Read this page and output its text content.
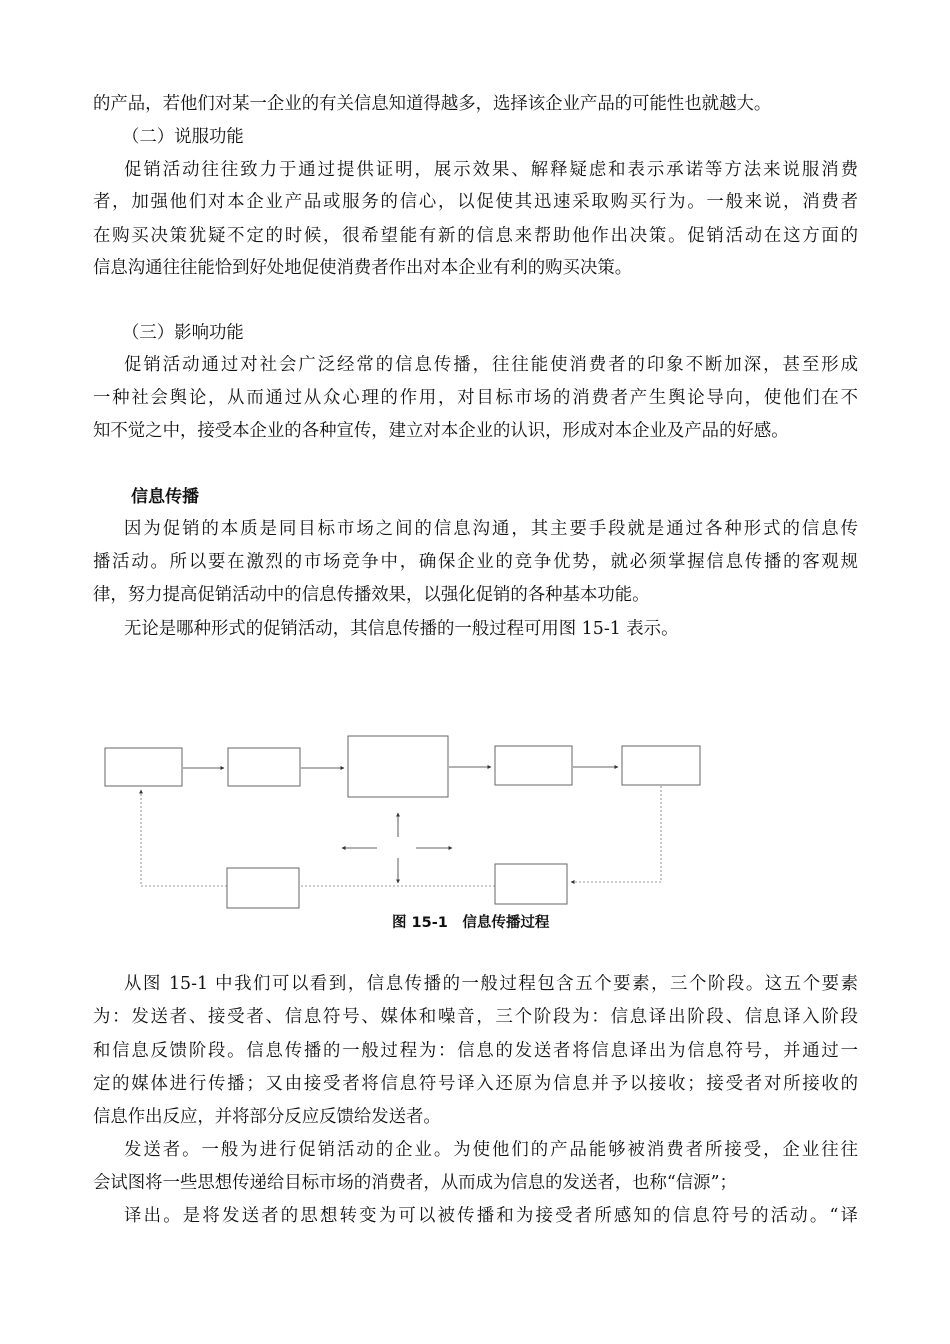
的产品，若他们对某一企业的有关信息知道得越多，选择该企业产品的可能性也就越大。
（二）说服功能
促销活动往往致力于通过提供证明，展示效果、解释疑虑和表示承诺等方法来说服消费
者，加强他们对本企业产品或服务的信心，以促使其迅速采取购买行为。一般来说，消费者
在购买决策犹疑不定的时候，很希望能有新的信息来帮助他作出决策。促销活动在这方面的
信息沟通往往能恰到好处地促使消费者作出对本企业有利的购买决策。
（三）影响功能
促销活动通过对社会广泛经常的信息传播，往往能使消费者的印象不断加深，甚至形成
一种社会舆论，从而通过从众心理的作用，对目标市场的消费者产生舆论导向，使他们在不
知不觉之中，接受本企业的各种宣传，建立对本企业的认识，形成对本企业及产品的好感。
信息传播
因为促销的本质是同目标市场之间的信息沟通，其主要手段就是通过各种形式的信息传
播活动。所以要在激烈的市场竞争中，确保企业的竞争优势，就必须掌握信息传播的客观规
律，努力提高促销活动中的信息传播效果，以强化促销的各种基本功能。
无论是哪种形式的促销活动，其信息传播的一般过程可用图 15-1 表示。
图 15-1　信息传播过程
从图 15-1 中我们可以看到，信息传播的一般过程包含五个要素，三个阶段。这五个要素
为：发送者、接受者、信息符号、媒体和噪音，三个阶段为：信息译出阶段、信息译入阶段
和信息反馈阶段。信息传播的一般过程为：信息的发送者将信息译出为信息符号，并通过一
定的媒体进行传播；又由接受者将信息符号译入还原为信息并予以接收；接受者对所接收的
信息作出反应，并将部分反应反馈给发送者。
发送者。一般为进行促销活动的企业。为使他们的产品能够被消费者所接受，企业往往
会试图将一些思想传递给目标市场的消费者，从而成为信息的发送者，也称“信源”；
译出。是将发送者的思想转变为可以被传播和为接受者所感知的信息符号的活动。“译
